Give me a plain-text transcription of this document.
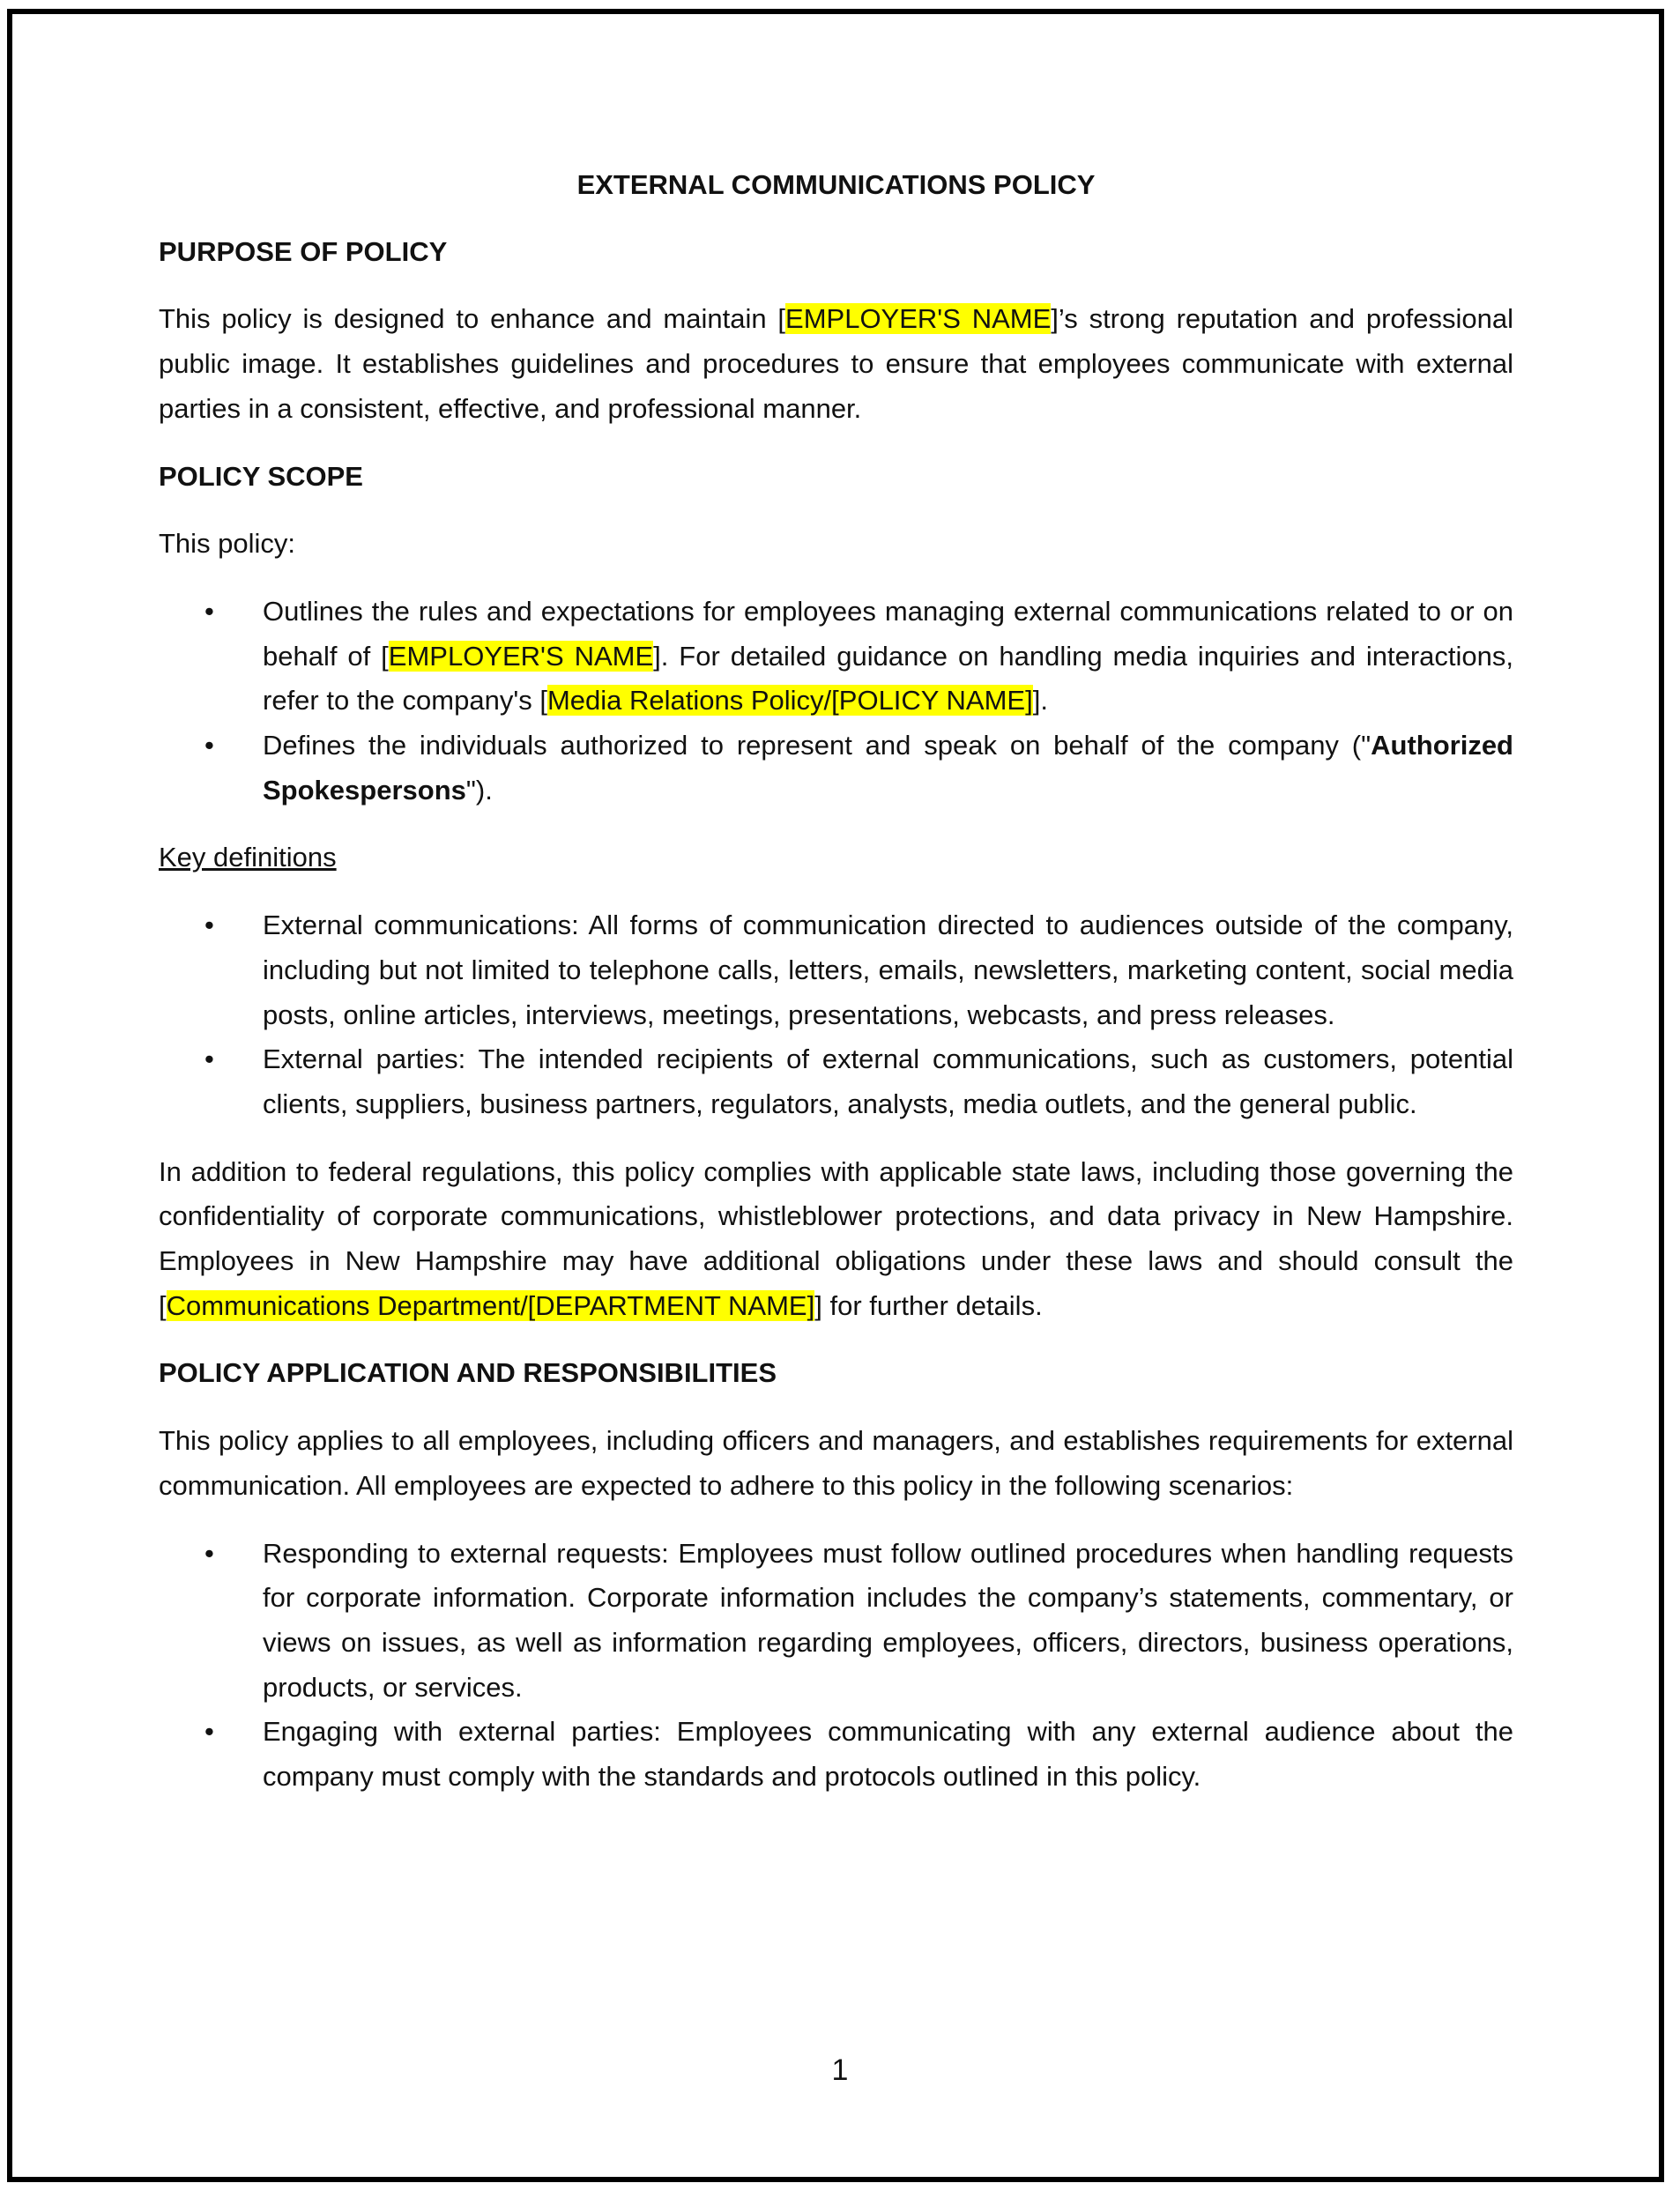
EXTERNAL COMMUNICATIONS POLICY
PURPOSE OF POLICY

This policy is designed to enhance and maintain [EMPLOYER'S NAME]’s strong reputation and professional public image. It establishes guidelines and procedures to ensure that employees communicate with external parties in a consistent, effective, and professional manner.

POLICY SCOPE

This policy:

• Outlines the rules and expectations for employees managing external communications related to or on behalf of [EMPLOYER'S NAME]. For detailed guidance on handling media inquiries and interactions, refer to the company's [Media Relations Policy/[POLICY NAME]].
• Defines the individuals authorized to represent and speak on behalf of the company ("Authorized Spokespersons").

Key definitions

• External communications: All forms of communication directed to audiences outside of the company, including but not limited to telephone calls, letters, emails, newsletters, marketing content, social media posts, online articles, interviews, meetings, presentations, webcasts, and press releases.
• External parties: The intended recipients of external communications, such as customers, potential clients, suppliers, business partners, regulators, analysts, media outlets, and the general public.

In addition to federal regulations, this policy complies with applicable state laws, including those governing the confidentiality of corporate communications, whistleblower protections, and data privacy in New Hampshire. Employees in New Hampshire may have additional obligations under these laws and should consult the [Communications Department/[DEPARTMENT NAME]] for further details.

POLICY APPLICATION AND RESPONSIBILITIES

This policy applies to all employees, including officers and managers, and establishes requirements for external communication. All employees are expected to adhere to this policy in the following scenarios:

• Responding to external requests: Employees must follow outlined procedures when handling requests for corporate information. Corporate information includes the company’s statements, commentary, or views on issues, as well as information regarding employees, officers, directors, business operations, products, or services.
• Engaging with external parties: Employees communicating with any external audience about the company must comply with the standards and protocols outlined in this policy.
1
